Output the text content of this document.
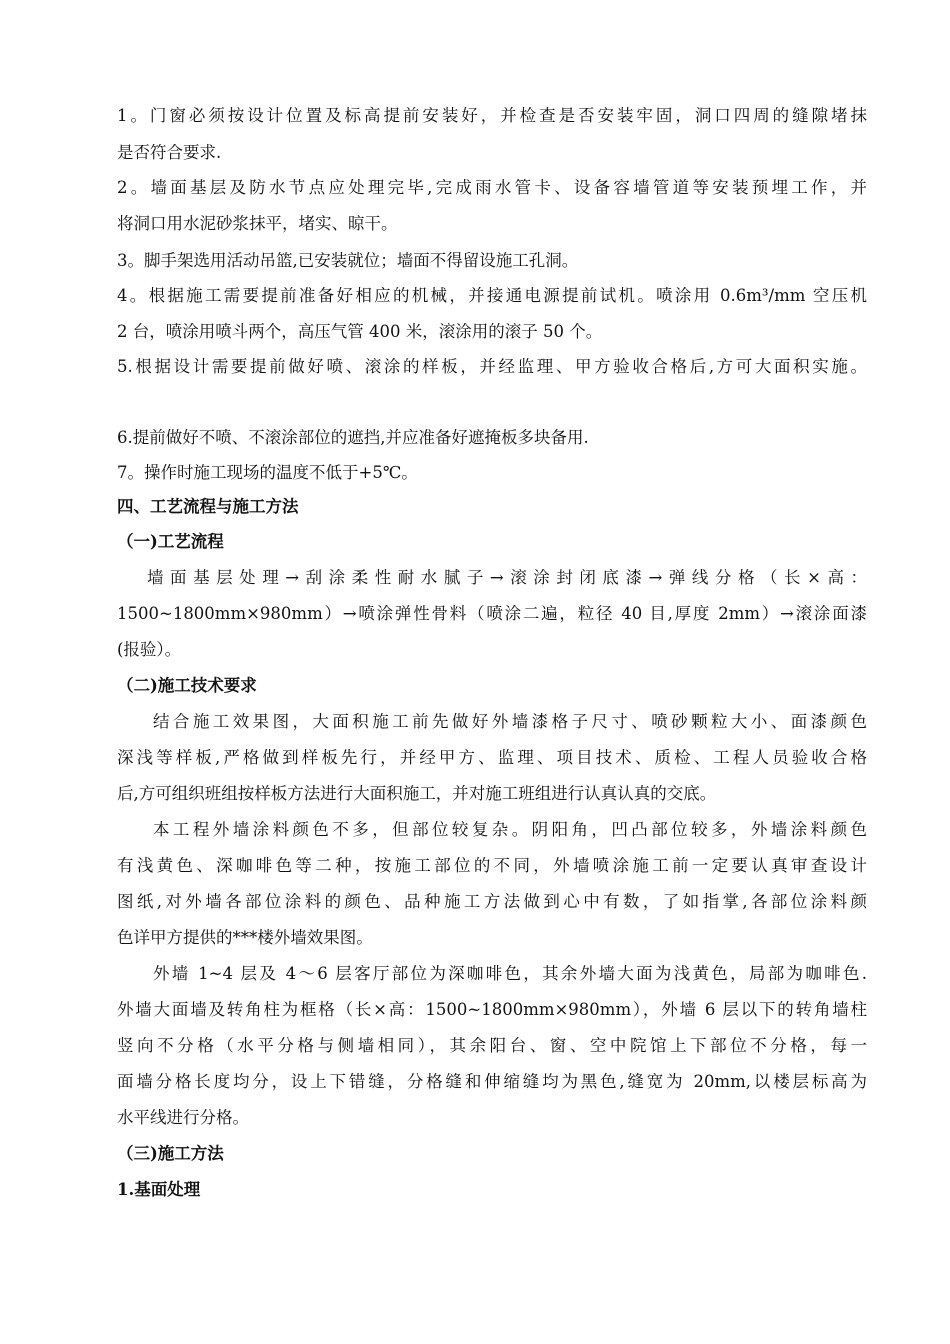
1。门窗必须按设计位置及标高提前安装好，并检查是否安装牢固，洞口四周的缝隙堵抹
是否符合要求.
2。墙面基层及防水节点应处理完毕,完成雨水管卡、设备容墙管道等安装预埋工作，并
将洞口用水泥砂浆抹平，堵实、晾干。
3。脚手架选用活动吊篮,已安装就位；墙面不得留设施工孔洞。
4。根据施工需要提前准备好相应的机械，并接通电源提前试机。喷涂用 0.6m³/mm 空压机
2 台，喷涂用喷斗两个，高压气管 400 米，滚涂用的滚子 50 个。
5.根据设计需要提前做好喷、滚涂的样板，并经监理、甲方验收合格后,方可大面积实施。
6.提前做好不喷、不滚涂部位的遮挡,并应准备好遮掩板多块备用.
7。操作时施工现场的温度不低于+5℃。
四、工艺流程与施工方法
（一)工艺流程
墙面基层处理→刮涂柔性耐水腻子→滚涂封闭底漆→弹线分格（长×高：
1500~1800mm×980mm）→喷涂弹性骨料（喷涂二遍，粒径 40 目,厚度 2mm）→滚涂面漆
(报验）。
（二)施工技术要求
结合施工效果图，大面积施工前先做好外墙漆格子尺寸、喷砂颗粒大小、面漆颜色
深浅等样板,严格做到样板先行，并经甲方、监理、项目技术、质检、工程人员验收合格
后,方可组织班组按样板方法进行大面积施工，并对施工班组进行认真认真的交底。
本工程外墙涂料颜色不多，但部位较复杂。阴阳角，凹凸部位较多，外墙涂料颜色
有浅黄色、深咖啡色等二种，按施工部位的不同，外墙喷涂施工前一定要认真审查设计
图纸,对外墙各部位涂料的颜色、品种施工方法做到心中有数，了如指掌,各部位涂料颜
色详甲方提供的***楼外墙效果图。
外墙 1~4 层及 4～6 层客厅部位为深咖啡色，其余外墙大面为浅黄色，局部为咖啡色.
外墙大面墙及转角柱为框格（长×高：1500~1800mm×980mm），外墙 6 层以下的转角墙柱
竖向不分格（水平分格与侧墙相同），其余阳台、窗、空中院馆上下部位不分格，每一
面墙分格长度均分，设上下错缝，分格缝和伸缩缝均为黑色,缝宽为 20mm,以楼层标高为
水平线进行分格。
（三)施工方法
1.基面处理
